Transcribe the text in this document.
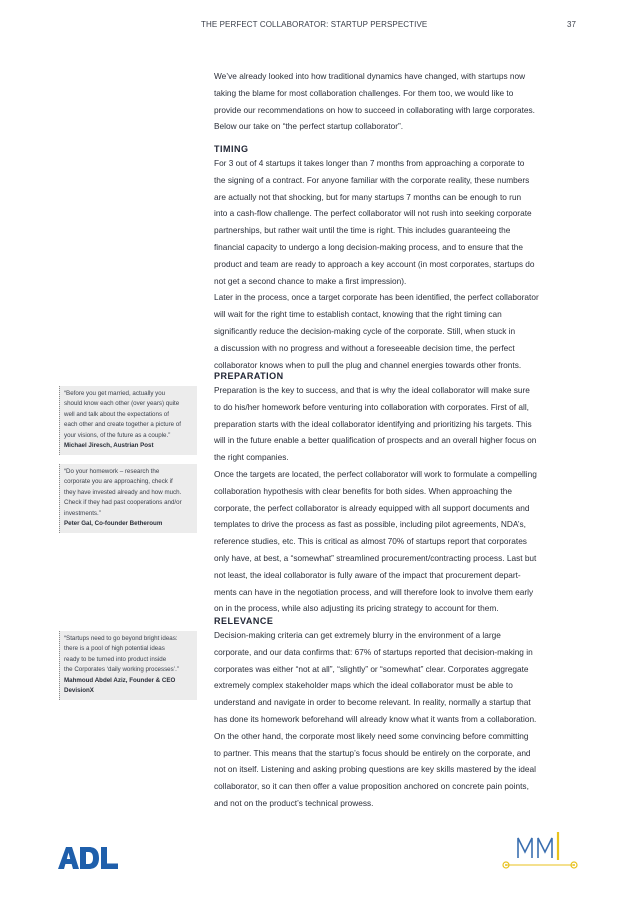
THE PERFECT COLLABORATOR: STARTUP PERSPECTIVE	37

We’ve already looked into how traditional dynamics have changed, with startups now

taking the blame for most collaboration challenges. For them too, we would like to

provide our recommendations on how to succeed in collaborating with large corporates.

Below our take on “the perfect startup collaborator”.

TIMING

For 3 out of 4 startups it takes longer than 7 months from approaching a corporate to

the signing of a contract. For anyone familiar with the corporate reality, these numbers

are actually not that shocking, but for many startups 7 months can be enough to run

into a cash-flow challenge. The perfect collaborator will not rush into seeking corporate

partnerships, but rather wait until the time is right. This includes guaranteeing the

financial capacity to undergo a long decision-making process, and to ensure that the

product and team are ready to approach a key account (in most corporates, startups do

not get a second chance to make a first impression).

Later in the process, once a target corporate has been identified, the perfect collaborator

will wait for the right time to establish contact, knowing that the right timing can

significantly reduce the decision-making cycle of the corporate. Still, when stuck in

a discussion with no progress and without a foreseeable decision time, the perfect

collaborator knows when to pull the plug and channel energies towards other fronts.

PREPARATION

Preparation is the key to success, and that is why the ideal collaborator will make sure

to do his/her homework before venturing into collaboration with corporates. First of all,

preparation starts with the ideal collaborator identifying and prioritizing his targets. This

will in the future enable a better qualification of prospects and an overall higher focus on

the right companies.

Once the targets are located, the perfect collaborator will work to formulate a compelling

collaboration hypothesis with clear benefits for both sides. When approaching the

corporate, the perfect collaborator is already equipped with all support documents and

templates to drive the process as fast as possible, including pilot agreements, NDA’s,

reference studies, etc. This is critical as almost 70% of startups report that corporates

only have, at best, a “somewhat” streamlined procurement/contracting process. Last but

not least, the ideal collaborator is fully aware of the impact that procurement depart-

ments can have in the negotiation process, and will therefore look to involve them early

on in the process, while also adjusting its pricing strategy to account for them.

RELEVANCE

Decision-making criteria can get extremely blurry in the environment of a large

corporate, and our data confirms that: 67% of startups reported that decision-making in

corporates was either “not at all”, “slightly” or “somewhat” clear. Corporates aggregate

extremely complex stakeholder maps which the ideal collaborator must be able to

understand and navigate in order to become relevant. In reality, normally a startup that

has done its homework beforehand will already know what it wants from a collaboration.

On the other hand, the corporate most likely need some convincing before committing

to partner. This means that the startup’s focus should be entirely on the corporate, and

not on itself. Listening and asking probing questions are key skills mastered by the ideal

collaborator, so it can then offer a value proposition anchored on concrete pain points,

and not on the product’s technical prowess.

“Before you get married, actually you

should know each other (over years) quite

well and talk about the expectations of

each other and create together a picture of

your visions, of the future as a couple.”

Michael Jiresch, Austrian Post

“Do your homework – research the

corporate you are approaching, check if

they have invested already and how much.

Check if they had past cooperations and/or

investments.”

Peter Gal, Co-founder Betheroum

“Startups need to go beyond bright ideas:

there is a pool of high potential ideas

ready to be turned into product inside

the Corporates ‘daily working processes’.”

Mahmoud Abdel Aziz, Founder & CEO

DevisionX
